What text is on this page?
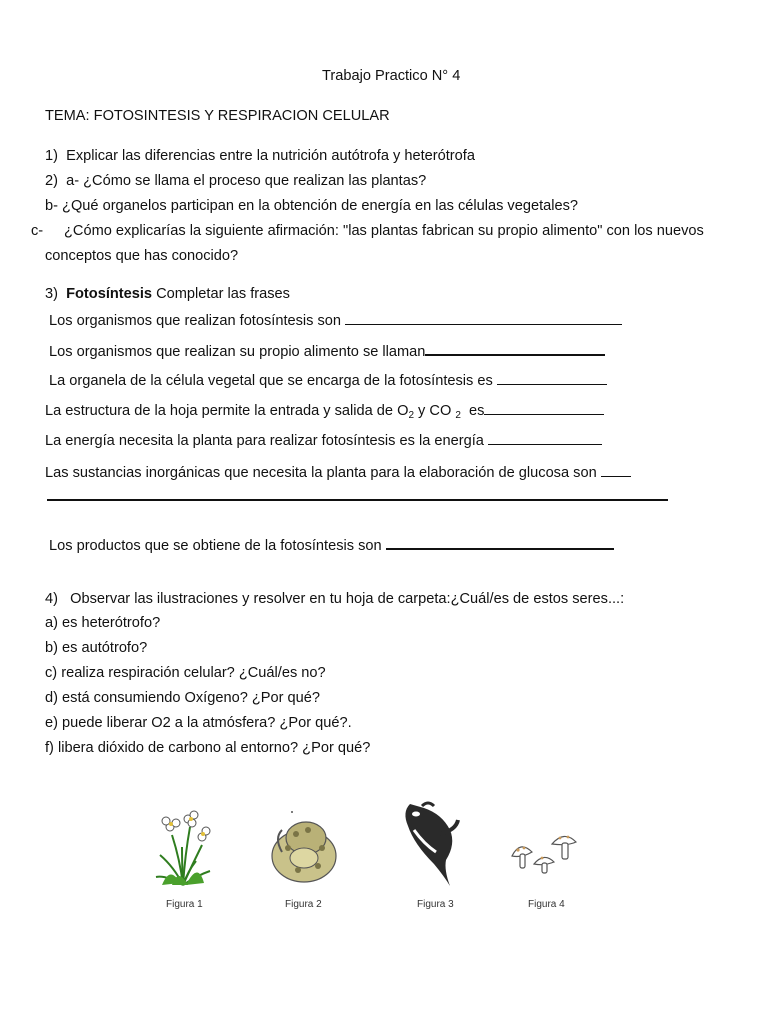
Trabajo Practico N° 4
TEMA: FOTOSINTESIS Y RESPIRACION CELULAR
1) Explicar las diferencias entre la nutrición autótrofa y heterótrofa
2) a- ¿Cómo se llama el proceso que realizan las plantas?
b- ¿Qué organelos participan en la obtención de energía en las células vegetales?
c- ¿Cómo explicarías la siguiente afirmación: "las plantas fabrican su propio alimento" con los nuevos
conceptos que has conocido?
3) Fotosíntesis Completar las frases
Los organismos que realizan fotosíntesis son
Los organismos que realizan su propio alimento se llaman
La organela de la célula vegetal que se encarga de la fotosíntesis es
La estructura de la hoja permite la entrada y salida de $O_2$ y CO $_2$  es
La energía necesita la planta para realizar fotosíntesis es la energía
Las sustancias inorgánicas que necesita la planta para la elaboración de glucosa son
Los productos que se obtiene de la fotosíntesis son
4) Observar las ilustraciones y resolver en tu hoja de carpeta:¿Cuál/es de estos seres...:
a) es heterótrofo?
b) es autótrofo?
c) realiza respiración celular? ¿Cuál/es no?
d) está consumiendo Oxígeno? ¿Por qué?
e) puede liberar O2 a la atmósfera? ¿Por qué?.
f) libera dióxido de carbono al entorno? ¿Por qué?
Figura 1	Figura 2	Figura 3	Figura 4
